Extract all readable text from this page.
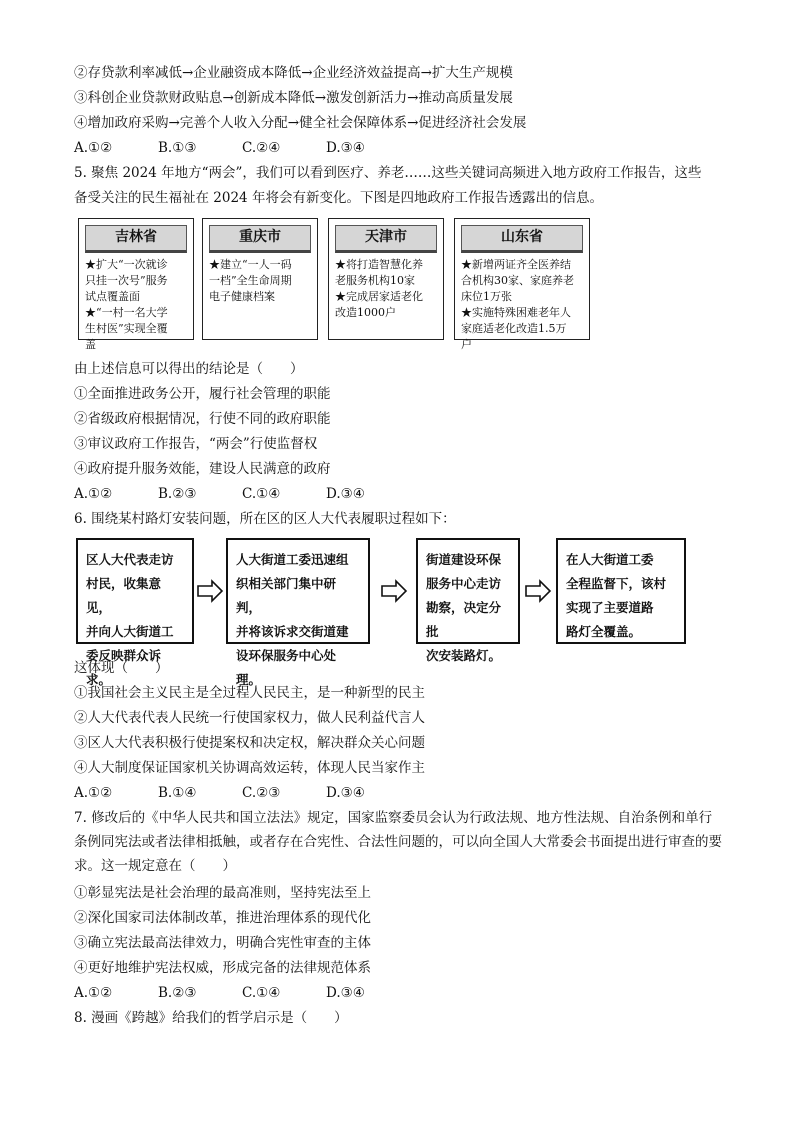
②存贷款利率减低→企业融资成本降低→企业经济效益提高→扩大生产规模
③科创企业贷款财政贴息→创新成本降低→激发创新活力→推动高质量发展
④增加政府采购→完善个人收入分配→健全社会保障体系→促进经济社会发展
A.①②	B.①③	C.②④	D.③④
5. 聚焦 2024 年地方“两会”，我们可以看到医疗、养老……这些关键词高频进入地方政府工作报告，这些
备受关注的民生福祉在 2024 年将会有新变化。下图是四地政府工作报告透露出的信息。
吉林省
★扩大“一次就诊
只挂一次号”服务
试点覆盖面
★“一村一名大学
生村医”实现全覆
盖
重庆市
★建立“一人一码
一档”全生命周期
电子健康档案
天津市
★将打造智慧化养
老服务机构10家
★完成居家适老化
改造1000户
山东省
★新增两证齐全医养结
合机构30家、家庭养老
床位1万张
★实施特殊困难老年人
家庭适老化改造1.5万
户
由上述信息可以得出的结论是（　　）
①全面推进政务公开，履行社会管理的职能
②省级政府根据情况，行使不同的政府职能
③审议政府工作报告，“两会”行使监督权
④政府提升服务效能，建设人民满意的政府
A.①②	B.②③	C.①④	D.③④
6. 围绕某村路灯安装问题，所在区的区人大代表履职过程如下：
区人大代表走访
村民，收集意见，
并向人大街道工
委反映群众诉求。
人大街道工委迅速组
织相关部门集中研判，
并将该诉求交街道建
设环保服务中心处理。
街道建设环保
服务中心走访
勘察，决定分批
次安装路灯。
在人大街道工委
全程监督下，该村
实现了主要道路
路灯全覆盖。
这体现（　　）
①我国社会主义民主是全过程人民民主，是一种新型的民主
②人大代表代表人民统一行使国家权力，做人民利益代言人
③区人大代表积极行使提案权和决定权，解决群众关心问题
④人大制度保证国家机关协调高效运转，体现人民当家作主
A.①②	B.①④	C.②③	D.③④
7. 修改后的《中华人民共和国立法法》规定，国家监察委员会认为行政法规、地方性法规、自治条例和单行条例同宪法或者法律相抵触，或者存在合宪性、合法性问题的，可以向全国人大常委会书面提出进行审查的要求。这一规定意在（　　）
①彰显宪法是社会治理的最高准则，坚持宪法至上
②深化国家司法体制改革，推进治理体系的现代化
③确立宪法最高法律效力，明确合宪性审查的主体
④更好地维护宪法权威，形成完备的法律规范体系
A.①②	B.②③	C.①④	D.③④
8. 漫画《跨越》给我们的哲学启示是（　　）
